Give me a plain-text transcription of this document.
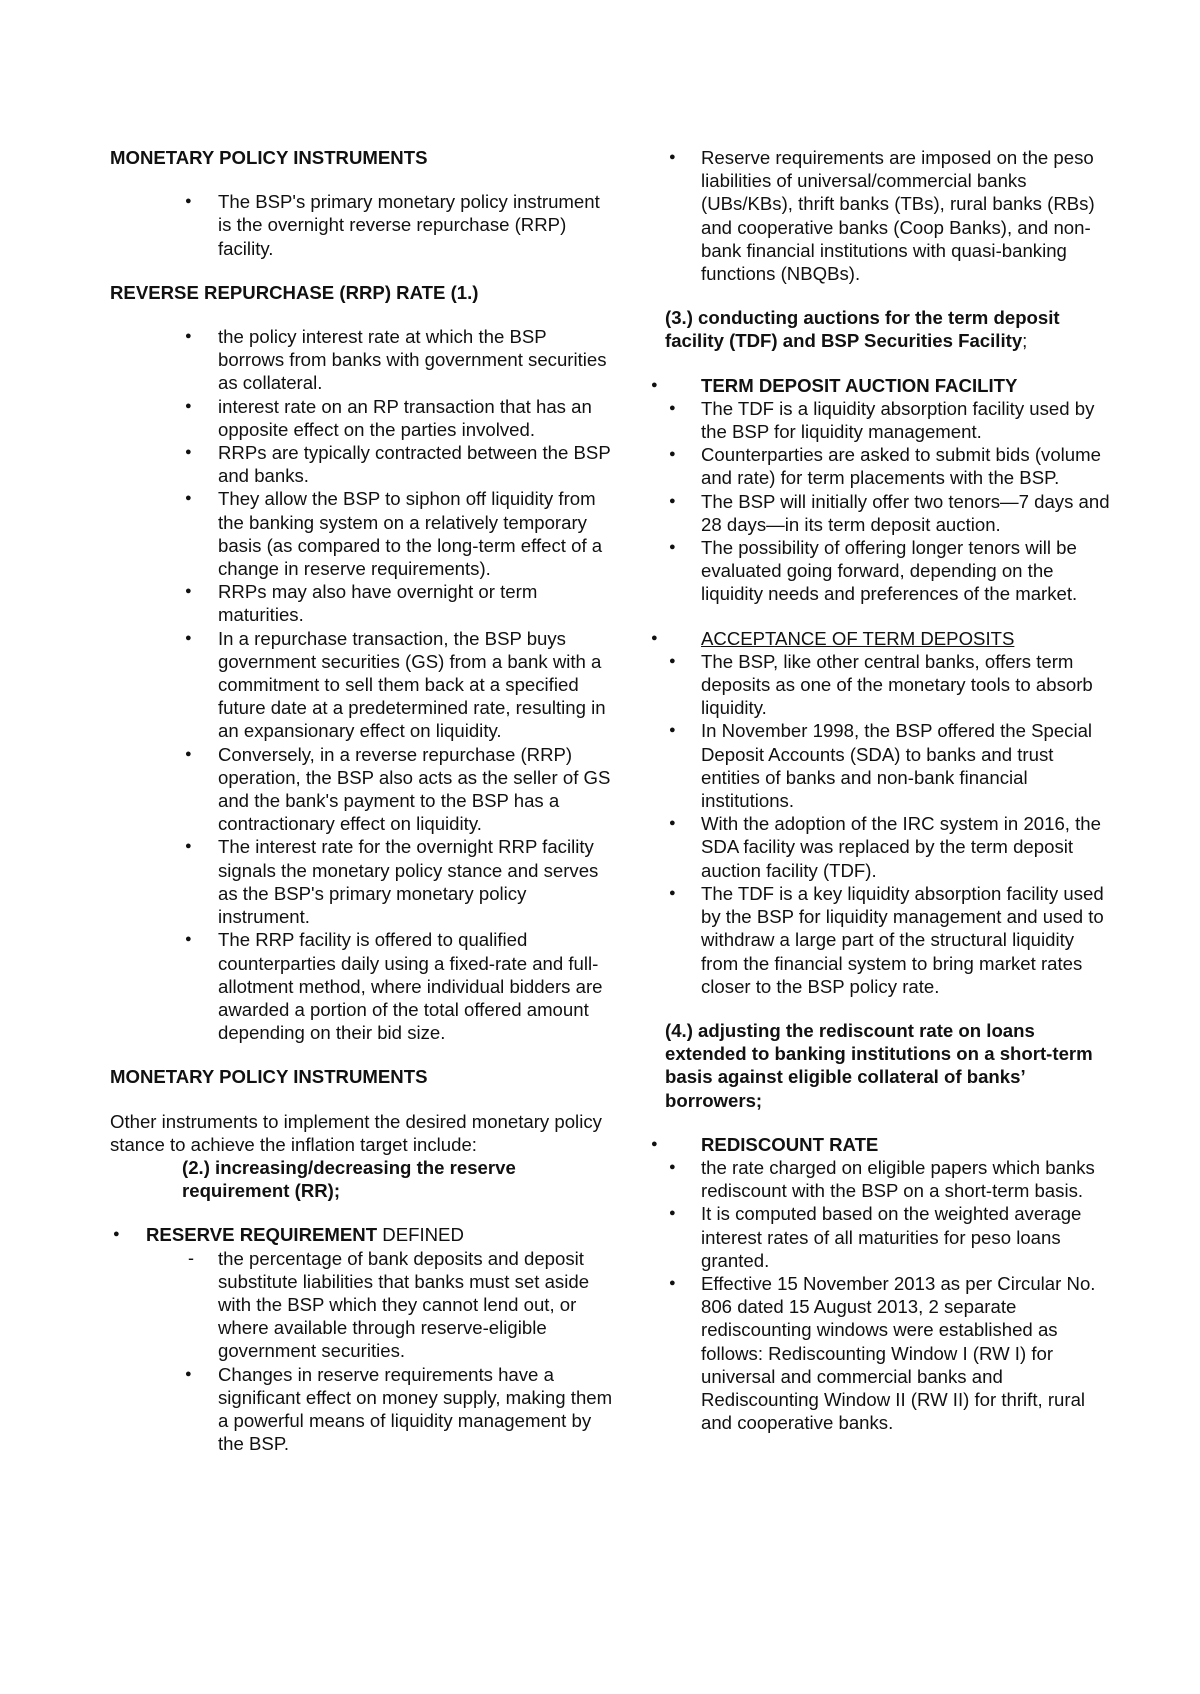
MONETARY POLICY INSTRUMENTS

● The BSP's primary monetary policy instrument is the overnight reverse repurchase (RRP) facility.

REVERSE REPURCHASE (RRP) RATE (1.)

● the policy interest rate at which the BSP borrows from banks with government securities as collateral.
● interest rate on an RP transaction that has an opposite effect on the parties involved.
● RRPs are typically contracted between the BSP and banks.
● They allow the BSP to siphon off liquidity from the banking system on a relatively temporary basis (as compared to the long-term effect of a change in reserve requirements).
● RRPs may also have overnight or term maturities.
● In a repurchase transaction, the BSP buys government securities (GS) from a bank with a commitment to sell them back at a specified future date at a predetermined rate, resulting in an expansionary effect on liquidity.
● Conversely, in a reverse repurchase (RRP) operation, the BSP also acts as the seller of GS and the bank's payment to the BSP has a contractionary effect on liquidity.
● The interest rate for the overnight RRP facility signals the monetary policy stance and serves as the BSP's primary monetary policy instrument.
● The RRP facility is offered to qualified counterparties daily using a fixed-rate and full-allotment method, where individual bidders are awarded a portion of the total offered amount depending on their bid size.

MONETARY POLICY INSTRUMENTS

Other instruments to implement the desired monetary policy stance to achieve the inflation target include:

(2.) increasing/decreasing the reserve requirement (RR);

● RESERVE REQUIREMENT DEFINED
- the percentage of bank deposits and deposit substitute liabilities that banks must set aside with the BSP which they cannot lend out, or where available through reserve-eligible government securities.
● Changes in reserve requirements have a significant effect on money supply, making them a powerful means of liquidity management by the BSP.
● Reserve requirements are imposed on the peso liabilities of universal/commercial banks (UBs/KBs), thrift banks (TBs), rural banks (RBs) and cooperative banks (Coop Banks), and non-bank financial institutions with quasi-banking functions (NBQBs).

(3.) conducting auctions for the term deposit facility (TDF) and BSP Securities Facility;

● TERM DEPOSIT AUCTION FACILITY
● The TDF is a liquidity absorption facility used by the BSP for liquidity management.
● Counterparties are asked to submit bids (volume and rate) for term placements with the BSP.
● The BSP will initially offer two tenors—7 days and 28 days—in its term deposit auction.
● The possibility of offering longer tenors will be evaluated going forward, depending on the liquidity needs and preferences of the market.
● ACCEPTANCE OF TERM DEPOSITS
● The BSP, like other central banks, offers term deposits as one of the monetary tools to absorb liquidity.
● In November 1998, the BSP offered the Special Deposit Accounts (SDA) to banks and trust entities of banks and non-bank financial institutions.
● With the adoption of the IRC system in 2016, the SDA facility was replaced by the term deposit auction facility (TDF).
● The TDF is a key liquidity absorption facility used by the BSP for liquidity management and used to withdraw a large part of the structural liquidity from the financial system to bring market rates closer to the BSP policy rate.

(4.) adjusting the rediscount rate on loans extended to banking institutions on a short-term basis against eligible collateral of banks’ borrowers;

● REDISCOUNT RATE
● the rate charged on eligible papers which banks rediscount with the BSP on a short-term basis.
● It is computed based on the weighted average interest rates of all maturities for peso loans granted.
● Effective 15 November 2013 as per Circular No. 806 dated 15 August 2013, 2 separate rediscounting windows were established as follows: Rediscounting Window I (RW I) for universal and commercial banks and Rediscounting Window II (RW II) for thrift, rural and cooperative banks.
